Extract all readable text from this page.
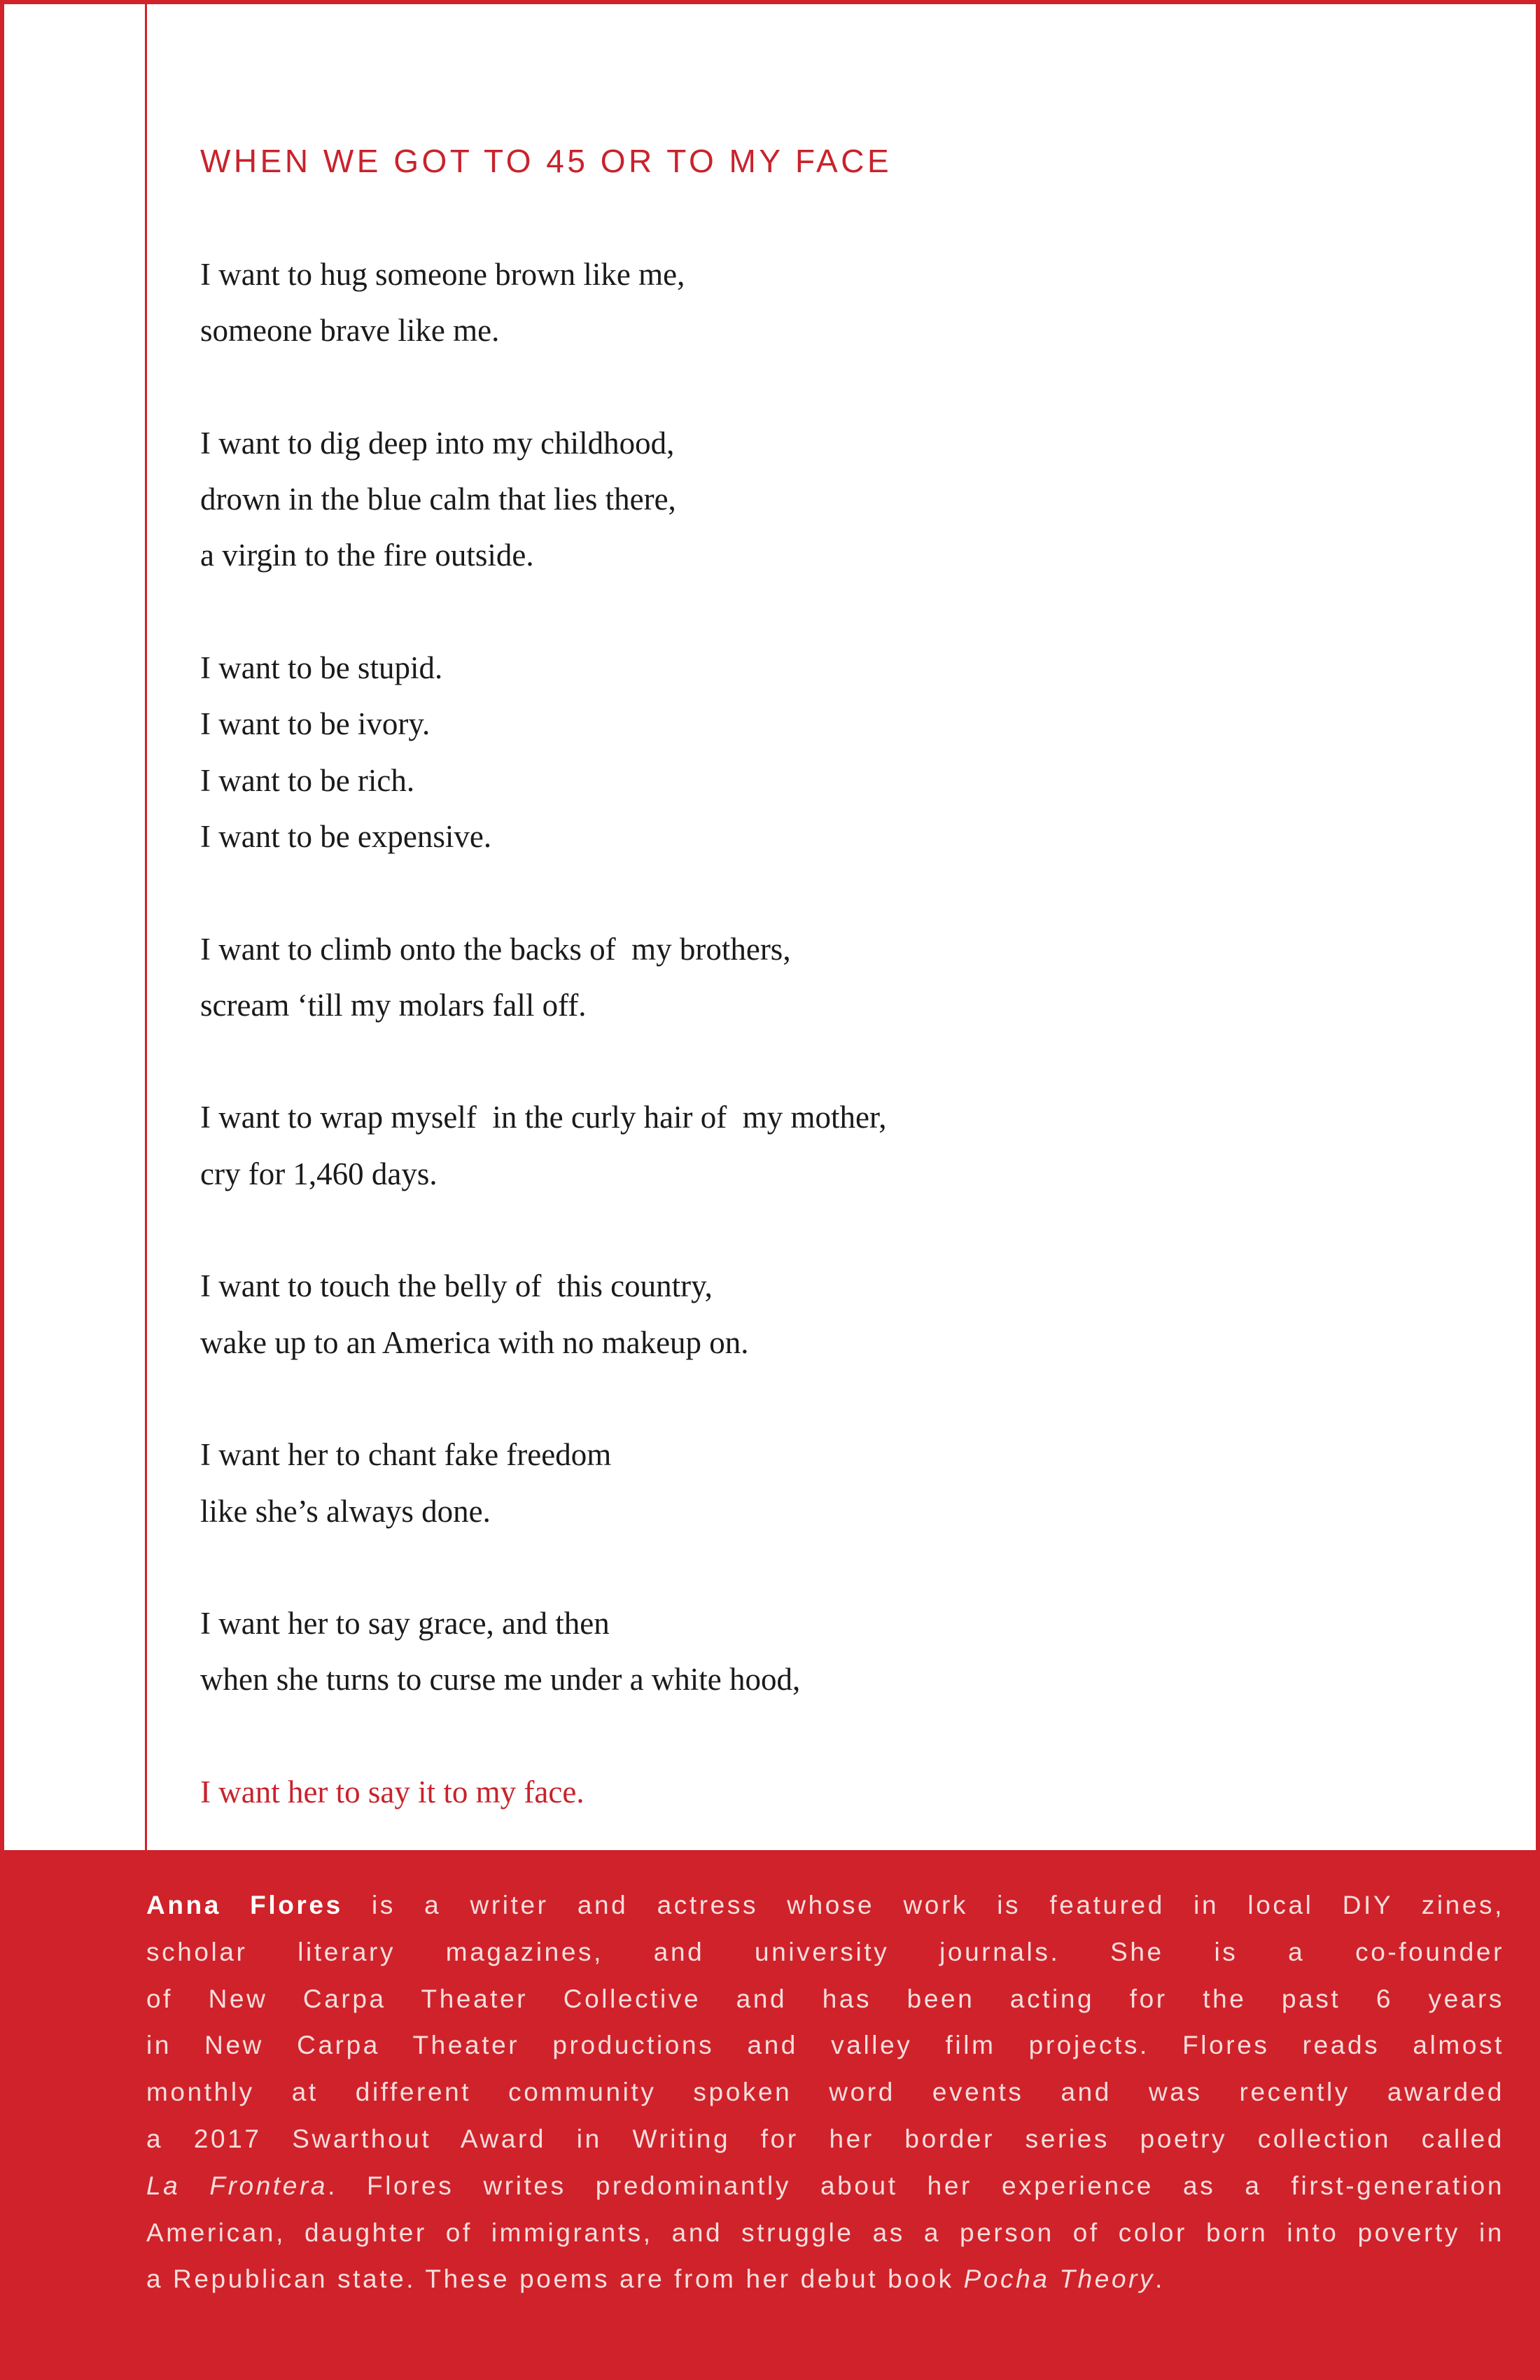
WHEN WE GOT TO 45 OR TO MY FACE
I want to hug someone brown like me,
someone brave like me.
I want to dig deep into my childhood,
drown in the blue calm that lies there,
a virgin to the fire outside.
I want to be stupid.
I want to be ivory.
I want to be rich.
I want to be expensive.
I want to climb onto the backs of  my brothers,
scream ‘till my molars fall off.
I want to wrap myself  in the curly hair of  my mother,
cry for 1,460 days.
I want to touch the belly of  this country,
wake up to an America with no makeup on.
I want her to chant fake freedom
like she’s always done.
I want her to say grace, and then
when she turns to curse me under a white hood,
I want her to say it to my face.
Anna Flores is a writer and actress whose work is featured in local DIY zines,
scholar literary magazines, and university journals. She is a co-founder
of New Carpa Theater Collective and has been acting for the past 6 years
in New Carpa Theater productions and valley film projects. Flores reads almost
monthly at different community spoken word events and was recently awarded
a 2017 Swarthout Award in Writing for her border series poetry collection called
La Frontera. Flores writes predominantly about her experience as a first-generation
American, daughter of immigrants, and struggle as a person of color born into poverty in
a Republican state. These poems are from her debut book Pocha Theory.
